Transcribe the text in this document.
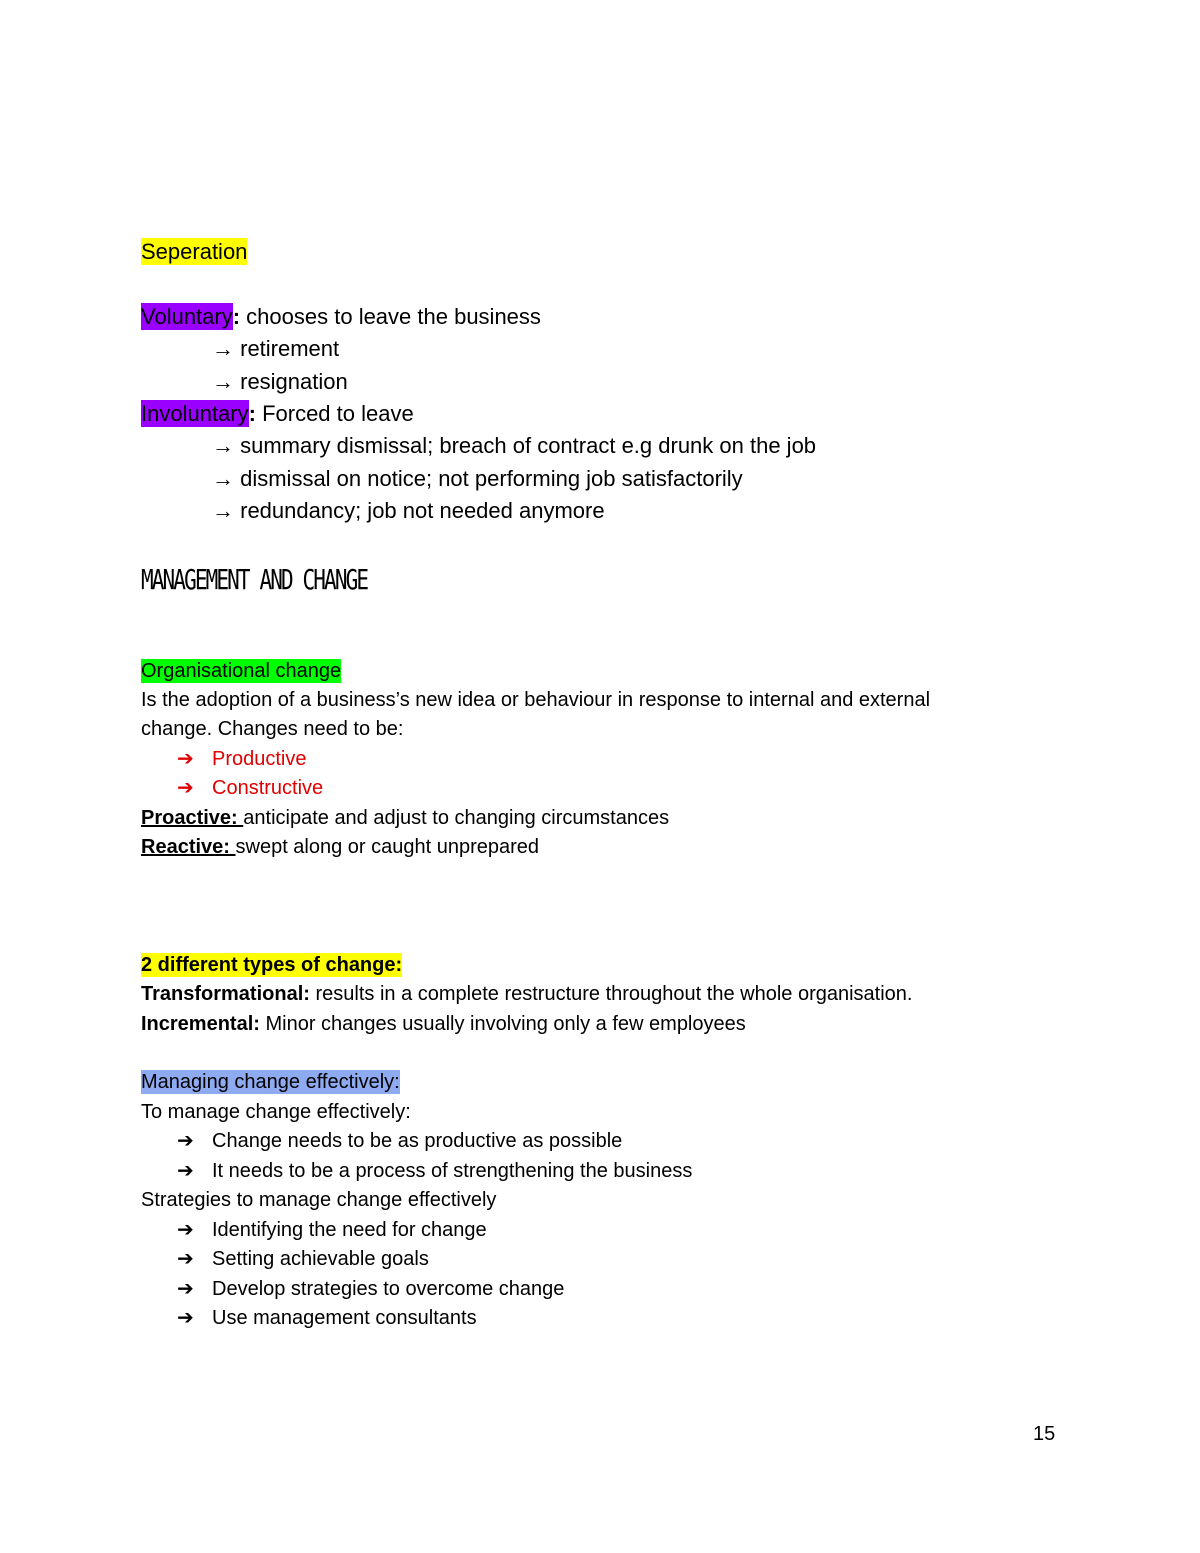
Seperation
Voluntary: chooses to leave the business
→ retirement
→ resignation
Involuntary: Forced to leave
→ summary dismissal; breach of contract e.g drunk on the job
→ dismissal on notice; not performing job satisfactorily
→ redundancy; job not needed anymore
MANAGEMENT AND CHANGE
Organisational change
Is the adoption of a business’s new idea or behaviour in response to internal and external
change. Changes need to be:
➔ Productive
➔ Constructive
Proactive: anticipate and adjust to changing circumstances
Reactive: swept along or caught unprepared
2 different types of change:
Transformational: results in a complete restructure throughout the whole organisation.
Incremental: Minor changes usually involving only a few employees
Managing change effectively:
To manage change effectively:
➔ Change needs to be as productive as possible
➔ It needs to be a process of strengthening the business
Strategies to manage change effectively
➔ Identifying the need for change
➔ Setting achievable goals
➔ Develop strategies to overcome change
➔ Use management consultants
15
